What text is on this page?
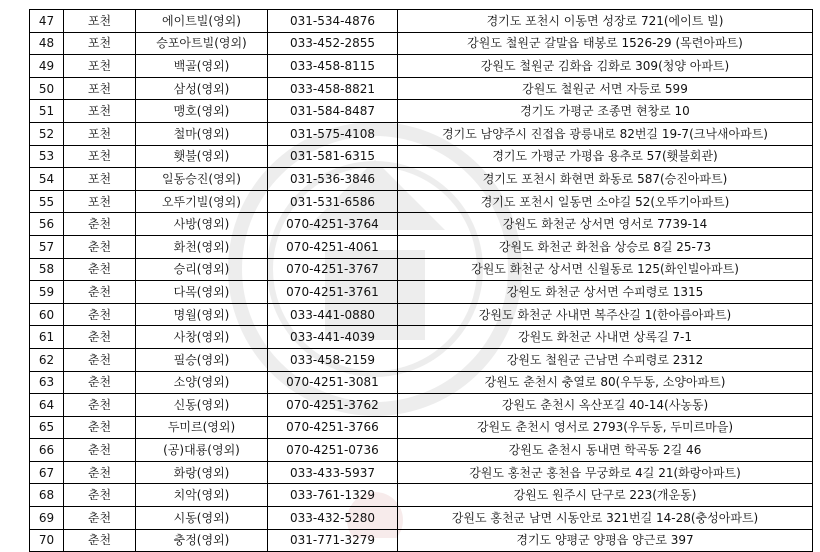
47	포천	에이트빌(영외)	031-534-4876	경기도 포천시 이동면 성장로 721(에이트 빌)
48	포천	승포아트빌(영외)	033-452-2855	강원도 철원군 갈말읍 태봉로 1526-29 (목련아파트)
49	포천	백골(영외)	033-458-8115	강원도 철원군 김화읍 김화로 309(청양 아파트)
50	포천	삼성(영외)	033-458-8821	강원도 철원군 서면 자등로 599
51	포천	맹호(영외)	031-584-8487	경기도 가평군 조종면 현창로 10
52	포천	철마(영외)	031-575-4108	경기도 남양주시 진접읍 광릉내로 82번길 19-7(크낙새아파트)
53	포천	횃불(영외)	031-581-6315	경기도 가평군 가평읍 용추로 57(횃불회관)
54	포천	일동승진(영외)	031-536-3846	경기도 포천시 화현면 화동로 587(승진아파트)
55	포천	오뚜기빌(영외)	031-531-6586	경기도 포천시 일동면 소야길 52(오뚜기아파트)
56	춘천	사방(영외)	070-4251-3764	강원도 화천군 상서면 영서로 7739-14
57	춘천	화천(영외)	070-4251-4061	강원도 화천군 화천읍 상승로 8길 25-73
58	춘천	승리(영외)	070-4251-3767	강원도 화천군 상서면 신월동로 125(화인빌아파트)
59	춘천	다목(영외)	070-4251-3761	강원도 화천군 상서면 수피령로 1315
60	춘천	명월(영외)	033-441-0880	강원도 화천군 사내면 복주산길 1(한아름아파트)
61	춘천	사창(영외)	033-441-4039	강원도 화천군 사내면 상록길 7-1
62	춘천	필승(영외)	033-458-2159	강원도 철원군 근남면 수피령로 2312
63	춘천	소양(영외)	070-4251-3081	강원도 춘천시 충열로 80(우두동, 소양아파트)
64	춘천	신동(영외)	070-4251-3762	강원도 춘천시 옥산포길 40-14(사농동)
65	춘천	두미르(영외)	070-4251-3766	강원도 춘천시 영서로 2793(우두동, 두미르마을)
66	춘천	(공)대룡(영외)	070-4251-0736	강원도 춘천시 동내면 학곡동 2길 46
67	춘천	화랑(영외)	033-433-5937	강원도 홍천군 홍천읍 무궁화로 4길 21(화랑아파트)
68	춘천	치악(영외)	033-761-1329	강원도 원주시 단구로 223(개운동)
69	춘천	시동(영외)	033-432-5280	강원도 홍천군 남면 시동안로 321번길 14-28(충성아파트)
70	춘천	충정(영외)	031-771-3279	경기도 양평군 양평읍 양근로 397
